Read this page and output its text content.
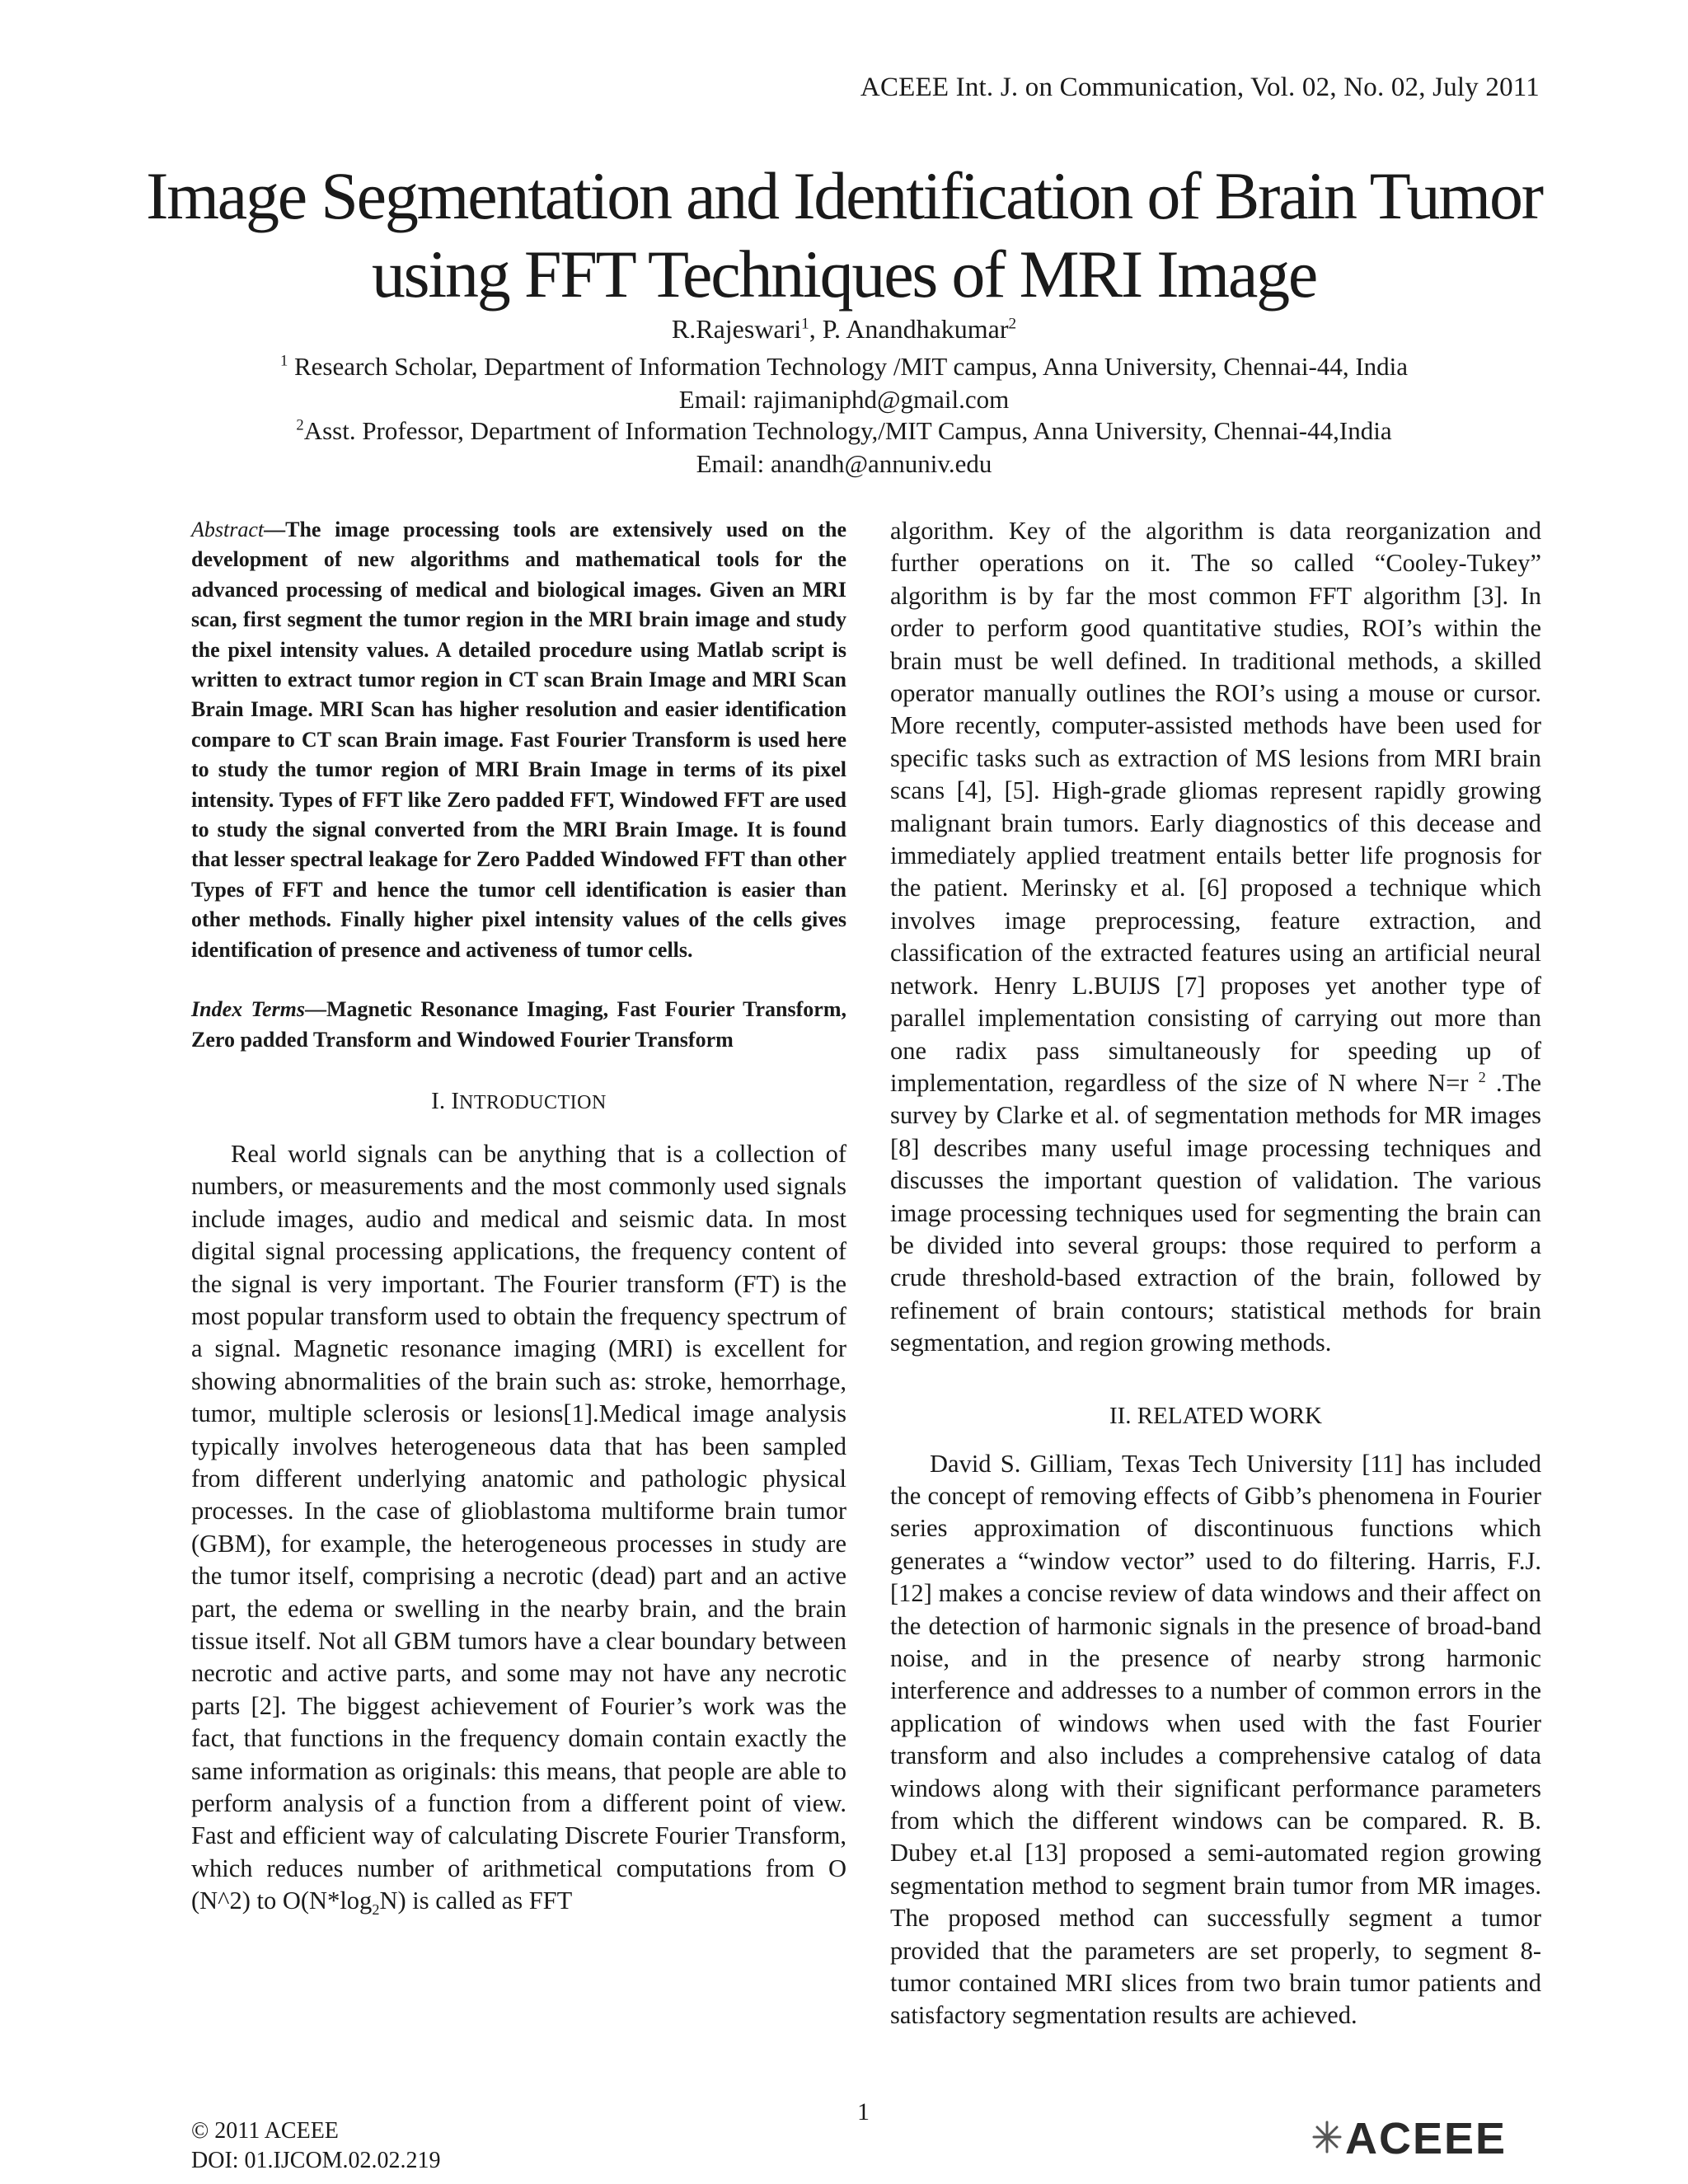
ACEEE Int. J. on Communication, Vol. 02, No. 02, July 2011
Image Segmentation and Identification of Brain Tumor
using FFT Techniques of MRI Image
R.Rajeswari$^1$, P. Anandhakumar$^2$
$^1$ Research Scholar, Department of Information Technology /MIT campus, Anna University, Chennai-44, India
Email: rajimaniphd@gmail.com
$^2$Asst. Professor, Department of Information Technology,/MIT Campus, Anna University, Chennai-44,India
Email: anandh@annuniv.edu

Abstract—The image processing tools are extensively used on the development of new algorithms and mathematical tools for the advanced processing of medical and biological images. Given an MRI scan, first segment the tumor region in the MRI brain image and study the pixel intensity values. A detailed procedure using Matlab script is written to extract tumor region in CT scan Brain Image and MRI Scan Brain Image. MRI Scan has higher resolution and easier identification compare to CT scan Brain image. Fast Fourier Transform is used here to study the tumor region of MRI Brain Image in terms of its pixel intensity. Types of FFT like Zero padded FFT, Windowed FFT are used to study the signal converted from the MRI Brain Image. It is found that lesser spectral leakage for Zero Padded Windowed FFT than other Types of FFT and hence the tumor cell identification is easier than other methods. Finally higher pixel intensity values of the cells gives identification of presence and activeness of tumor cells.

Index Terms—Magnetic Resonance Imaging, Fast Fourier Transform, Zero padded Transform and Windowed Fourier Transform

I. INTRODUCTION

Real world signals can be anything that is a collection of numbers, or measurements and the most commonly used signals include images, audio and medical and seismic data. In most digital signal processing applications, the frequency content of the signal is very important. The Fourier transform (FT) is the most popular transform used to obtain the frequency spectrum of a signal. Magnetic resonance imaging (MRI) is excellent for showing abnormalities of the brain such as: stroke, hemorrhage, tumor, multiple sclerosis or lesions[1].Medical image analysis typically involves heterogeneous data that has been sampled from different underlying anatomic and pathologic physical processes. In the case of glioblastoma multiforme brain tumor (GBM), for example, the heterogeneous processes in study are the tumor itself, comprising a necrotic (dead) part and an active part, the edema or swelling in the nearby brain, and the brain tissue itself. Not all GBM tumors have a clear boundary between necrotic and active parts, and some may not have any necrotic parts [2]. The biggest achievement of Fourier’s work was the fact, that functions in the frequency domain contain exactly the same information as originals: this means, that people are able to perform analysis of a function from a different point of view. Fast and efficient way of calculating Discrete Fourier Transform, which reduces number of arithmetical computations from O (N^2) to $O(N*\log_2N)$ is called as FFT

algorithm. Key of the algorithm is data reorganization and further operations on it. The so called “Cooley-Tukey” algorithm is by far the most common FFT algorithm [3]. In order to perform good quantitative studies, ROI’s within the brain must be well defined. In traditional methods, a skilled operator manually outlines the ROI’s using a mouse or cursor. More recently, computer-assisted methods have been used for specific tasks such as extraction of MS lesions from MRI brain scans [4], [5]. High-grade gliomas represent rapidly growing malignant brain tumors. Early diagnostics of this decease and immediately applied treatment entails better life prognosis for the patient. Merinsky et al. [6] proposed a technique which involves image preprocessing, feature extraction, and classification of the extracted features using an artificial neural network. Henry L.BUIJS [7] proposes yet another type of parallel implementation consisting of carrying out more than one radix pass simultaneously for speeding up of implementation, regardless of the size of N where N=r $^2$ .The survey by Clarke et al. of segmentation methods for MR images [8] describes many useful image processing techniques and discusses the important question of validation. The various image processing techniques used for segmenting the brain can be divided into several groups: those required to perform a crude threshold-based extraction of the brain, followed by refinement of brain contours; statistical methods for brain segmentation, and region growing methods.

II. RELATED WORK

David S. Gilliam, Texas Tech University [11] has included the concept of removing effects of Gibb’s phenomena in Fourier series approximation of discontinuous functions which generates a “window vector” used to do filtering. Harris, F.J. [12] makes a concise review of data windows and their affect on the detection of harmonic signals in the presence of broad-band noise, and in the presence of nearby strong harmonic interference and addresses to a number of common errors in the application of windows when used with the fast Fourier transform and also includes a comprehensive catalog of data windows along with their significant performance parameters from which the different windows can be compared. R. B. Dubey et.al [13] proposed a semi-automated region growing segmentation method to segment brain tumor from MR images. The proposed method can successfully segment a tumor provided that the parameters are set properly, to segment 8-tumor contained MRI slices from two brain tumor patients and satisfactory segmentation results are achieved.

1
© 2011 ACEEE
DOI: 01.IJCOM.02.02.219	ACEEE
